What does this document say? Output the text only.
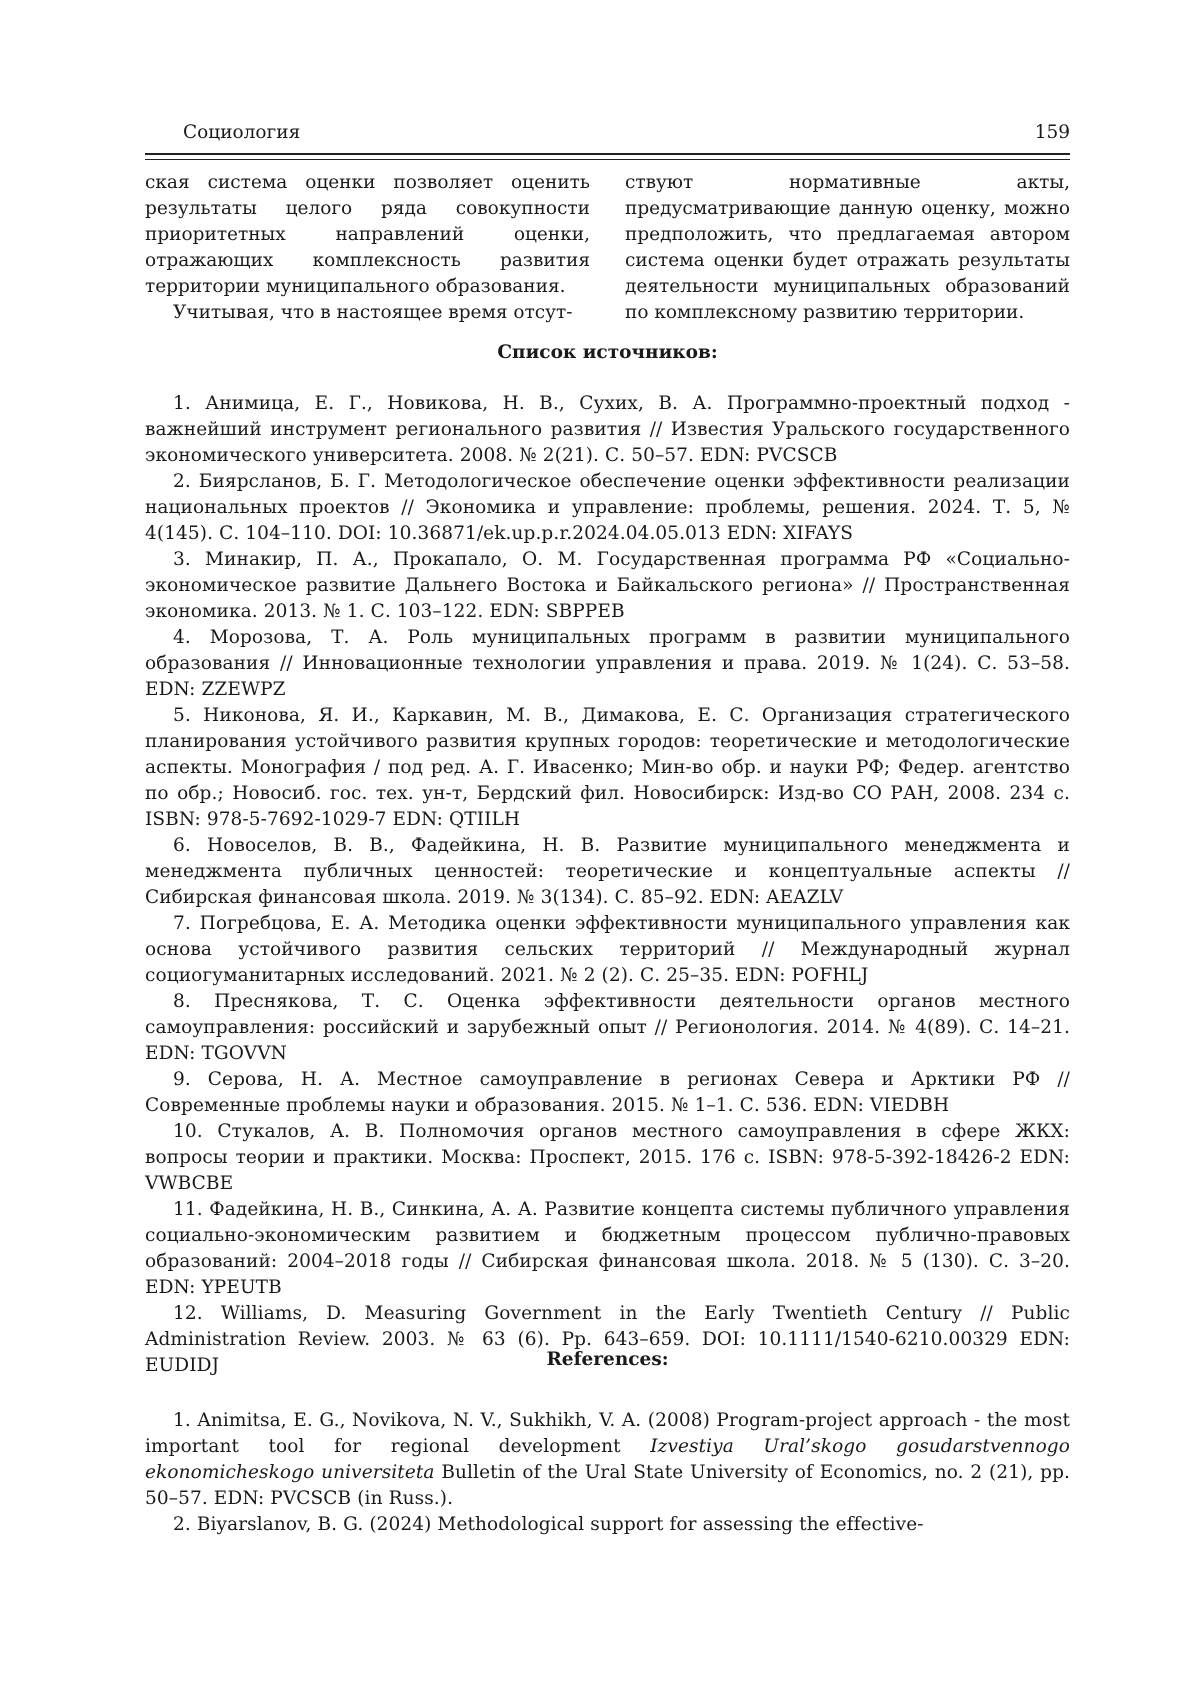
Социология	159

ская система оценки позволяет оценить результаты целого ряда совокупности приоритетных направлений оценки, отражающих комплексность развития территории муниципального образования.

Учитывая, что в настоящее время отсут-

ствуют нормативные акты, предусматривающие данную оценку, можно предположить, что предлагаемая автором система оценки будет отражать результаты деятельности муниципальных образований по комплексному развитию территории.

Список источников:
1. Анимица, Е. Г., Новикова, Н. В., Сухих, В. А. Программно-проектный подход - важнейший инструмент регионального развития // Известия Уральского государственного экономического университета. 2008. № 2(21). С. 50–57. EDN: PVCSCB
2. Биярсланов, Б. Г. Методологическое обеспечение оценки эффективности реализации национальных проектов // Экономика и управление: проблемы, решения. 2024. Т. 5, № 4(145). С. 104–110. DOI: 10.36871/ek.up.p.r.2024.04.05.013 EDN: XIFAYS
3. Минакир, П. А., Прокапало, О. М. Государственная программа РФ «Социально-экономическое развитие Дальнего Востока и Байкальского региона» // Пространственная экономика. 2013. № 1. С. 103–122. EDN: SBPPEB
4. Морозова, Т. А. Роль муниципальных программ в развитии муниципального образования // Инновационные технологии управления и права. 2019. № 1(24). С. 53–58. EDN: ZZEWPZ
5. Никонова, Я. И., Каркавин, М. В., Димакова, Е. С. Организация стратегического планирования устойчивого развития крупных городов: теоретические и методологические аспекты. Монография / под ред. А. Г. Ивасенко; Мин-во обр. и науки РФ; Федер. агентство по обр.; Новосиб. гос. тех. ун-т, Бердский фил. Новосибирск: Изд-во СО РАН, 2008. 234 с. ISBN: 978-5-7692-1029-7 EDN: QTIILH
6. Новоселов, В. В., Фадейкина, Н. В. Развитие муниципального менеджмента и менеджмента публичных ценностей: теоретические и концептуальные аспекты // Сибирская финансовая школа. 2019. № 3(134). С. 85–92. EDN: AEAZLV
7. Погребцова, Е. А. Методика оценки эффективности муниципального управления как основа устойчивого развития сельских территорий // Международный журнал социогуманитарных исследований. 2021. № 2 (2). С. 25–35. EDN: POFHLJ
8. Преснякова, Т. С. Оценка эффективности деятельности органов местного самоуправления: российский и зарубежный опыт // Регионология. 2014. № 4(89). С. 14–21. EDN: TGOVVN
9. Серова, Н. А. Местное самоуправление в регионах Севера и Арктики РФ // Современные проблемы науки и образования. 2015. № 1–1. С. 536. EDN: VIEDBH
10. Стукалов, А. В. Полномочия органов местного самоуправления в сфере ЖКХ: вопросы теории и практики. Москва: Проспект, 2015. 176 с. ISBN: 978-5-392-18426-2 EDN: VWBCBE
11. Фадейкина, Н. В., Синкина, А. А. Развитие концепта системы публичного управления социально-экономическим развитием и бюджетным процессом публично-правовых образований: 2004–2018 годы // Сибирская финансовая школа. 2018. № 5 (130). С. 3–20. EDN: YPEUTB
12. Williams, D. Measuring Government in the Early Twentieth Century // Public Administration Review. 2003. № 63 (6). Pp. 643–659. DOI: 10.1111/1540-6210.00329 EDN: EUDIDJ	References:
1. Animitsa, E. G., Novikova, N. V., Sukhikh, V. A. (2008) Program-project approach - the most important tool for regional development Izvestiya Ural’skogo gosudarstvennogo ekonomicheskogo universiteta Bulletin of the Ural State University of Economics, no. 2 (21), pp. 50–57. EDN: PVCSCB (in Russ.).
2. Biyarslanov, B. G. (2024) Methodological support for assessing the effective-
